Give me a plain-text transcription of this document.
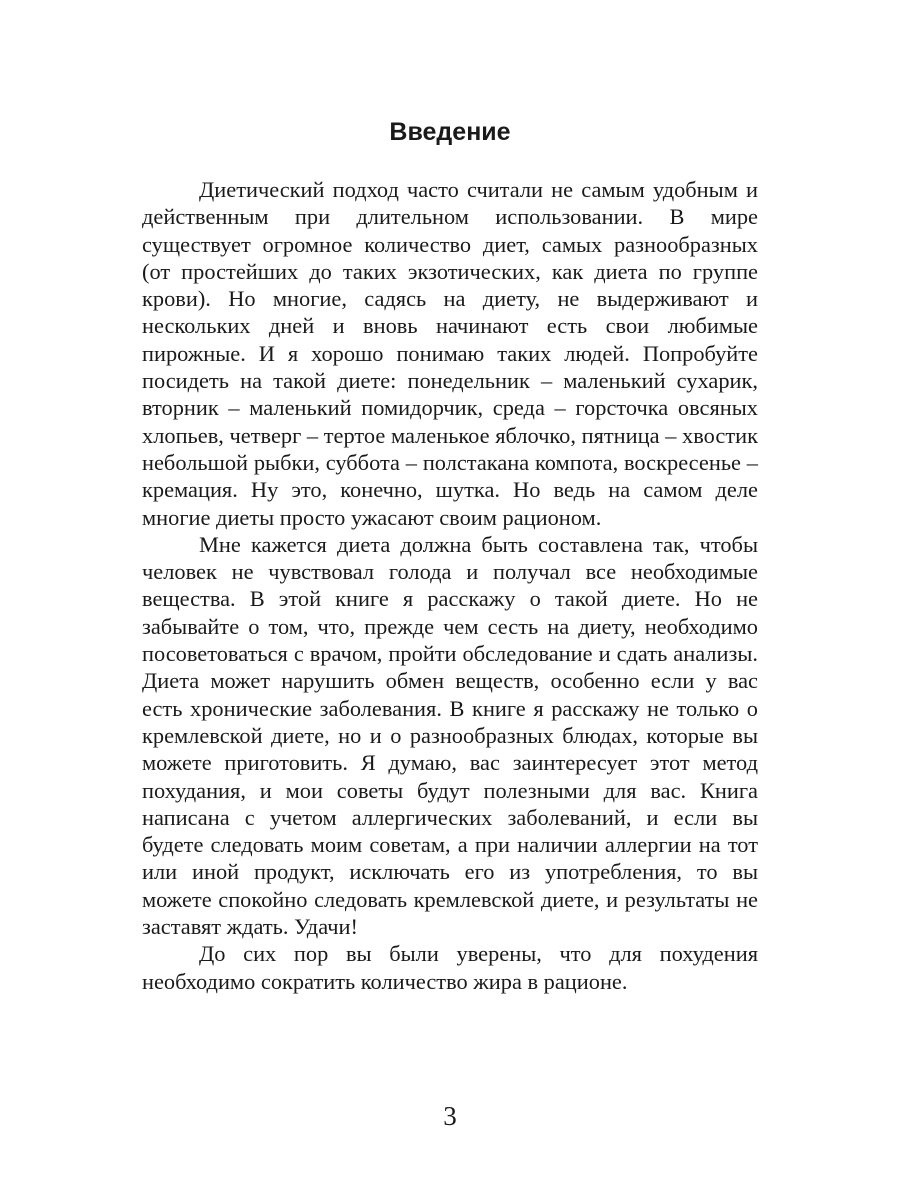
Введение

Диетический подход часто считали не самым удобным и действенным при длительном использовании. В мире существует огромное количество диет, самых разнообразных (от простейших до таких экзотических, как диета по группе крови). Но многие, садясь на диету, не выдерживают и нескольких дней и вновь начинают есть свои любимые пирожные. И я хорошо понимаю таких людей. Попробуйте посидеть на такой диете: понедельник – маленький сухарик, вторник – маленький помидорчик, среда – горсточка овсяных хлопьев, четверг – тертое маленькое яблочко, пятница – хвостик небольшой рыбки, суббота – полстакана компота, воскресенье – кремация. Ну это, конечно, шутка. Но ведь на самом деле многие диеты просто ужасают своим рационом.

Мне кажется диета должна быть составлена так, чтобы человек не чувствовал голода и получал все необходимые вещества. В этой книге я расскажу о такой диете. Но не забывайте о том, что, прежде чем сесть на диету, необходимо посоветоваться с врачом, пройти обследование и сдать анализы. Диета может нарушить обмен веществ, особенно если у вас есть хронические заболевания. В книге я расскажу не только о кремлевской диете, но и о разнообразных блюдах, которые вы можете приготовить. Я думаю, вас заинтересует этот метод похудания, и мои советы будут полезными для вас. Книга написана с учетом аллергических заболеваний, и если вы будете следовать моим советам, а при наличии аллергии на тот или иной продукт, исключать его из употребления, то вы можете спокойно следовать кремлевской диете, и результаты не заставят ждать. Удачи!

До сих пор вы были уверены, что для похудения необходимо сократить количество жира в рационе.

3
